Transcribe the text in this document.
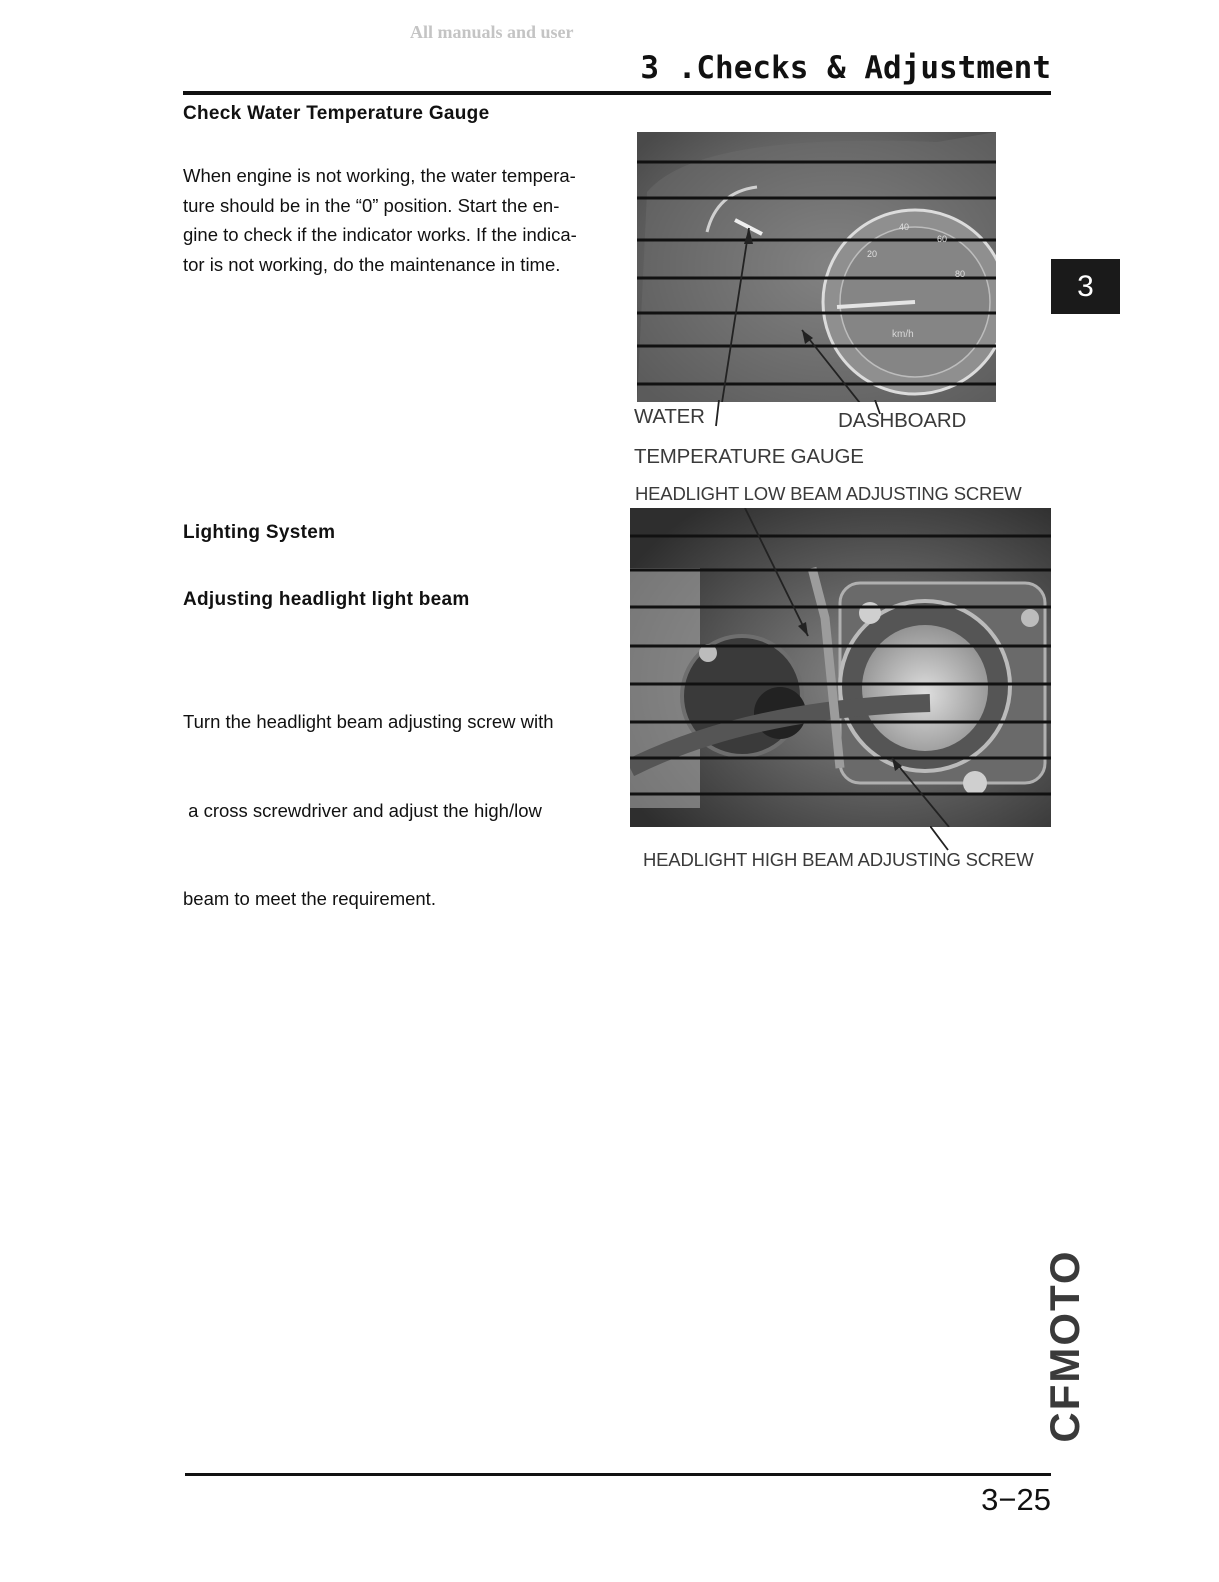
All manuals and user
3 .Checks & Adjustment
Check Water Temperature Gauge
When engine is not working, the water tempera-
ture should be in the “0” position. Start the en-
gine to check if the indicator works. If the indica-
tor is not working, do the maintenance in time.
40
20
60
80
km/h
WATER	DASHBOARD
TEMPERATURE GAUGE
Lighting System
Adjusting headlight light beam

Turn the headlight beam adjusting screw with

a cross screwdriver and adjust the high/low

beam to meet the requirement.

HEADLIGHT LOW BEAM ADJUSTING SCREW
HEADLIGHT HIGH BEAM ADJUSTING SCREW
3
CFMOTO
3−25
